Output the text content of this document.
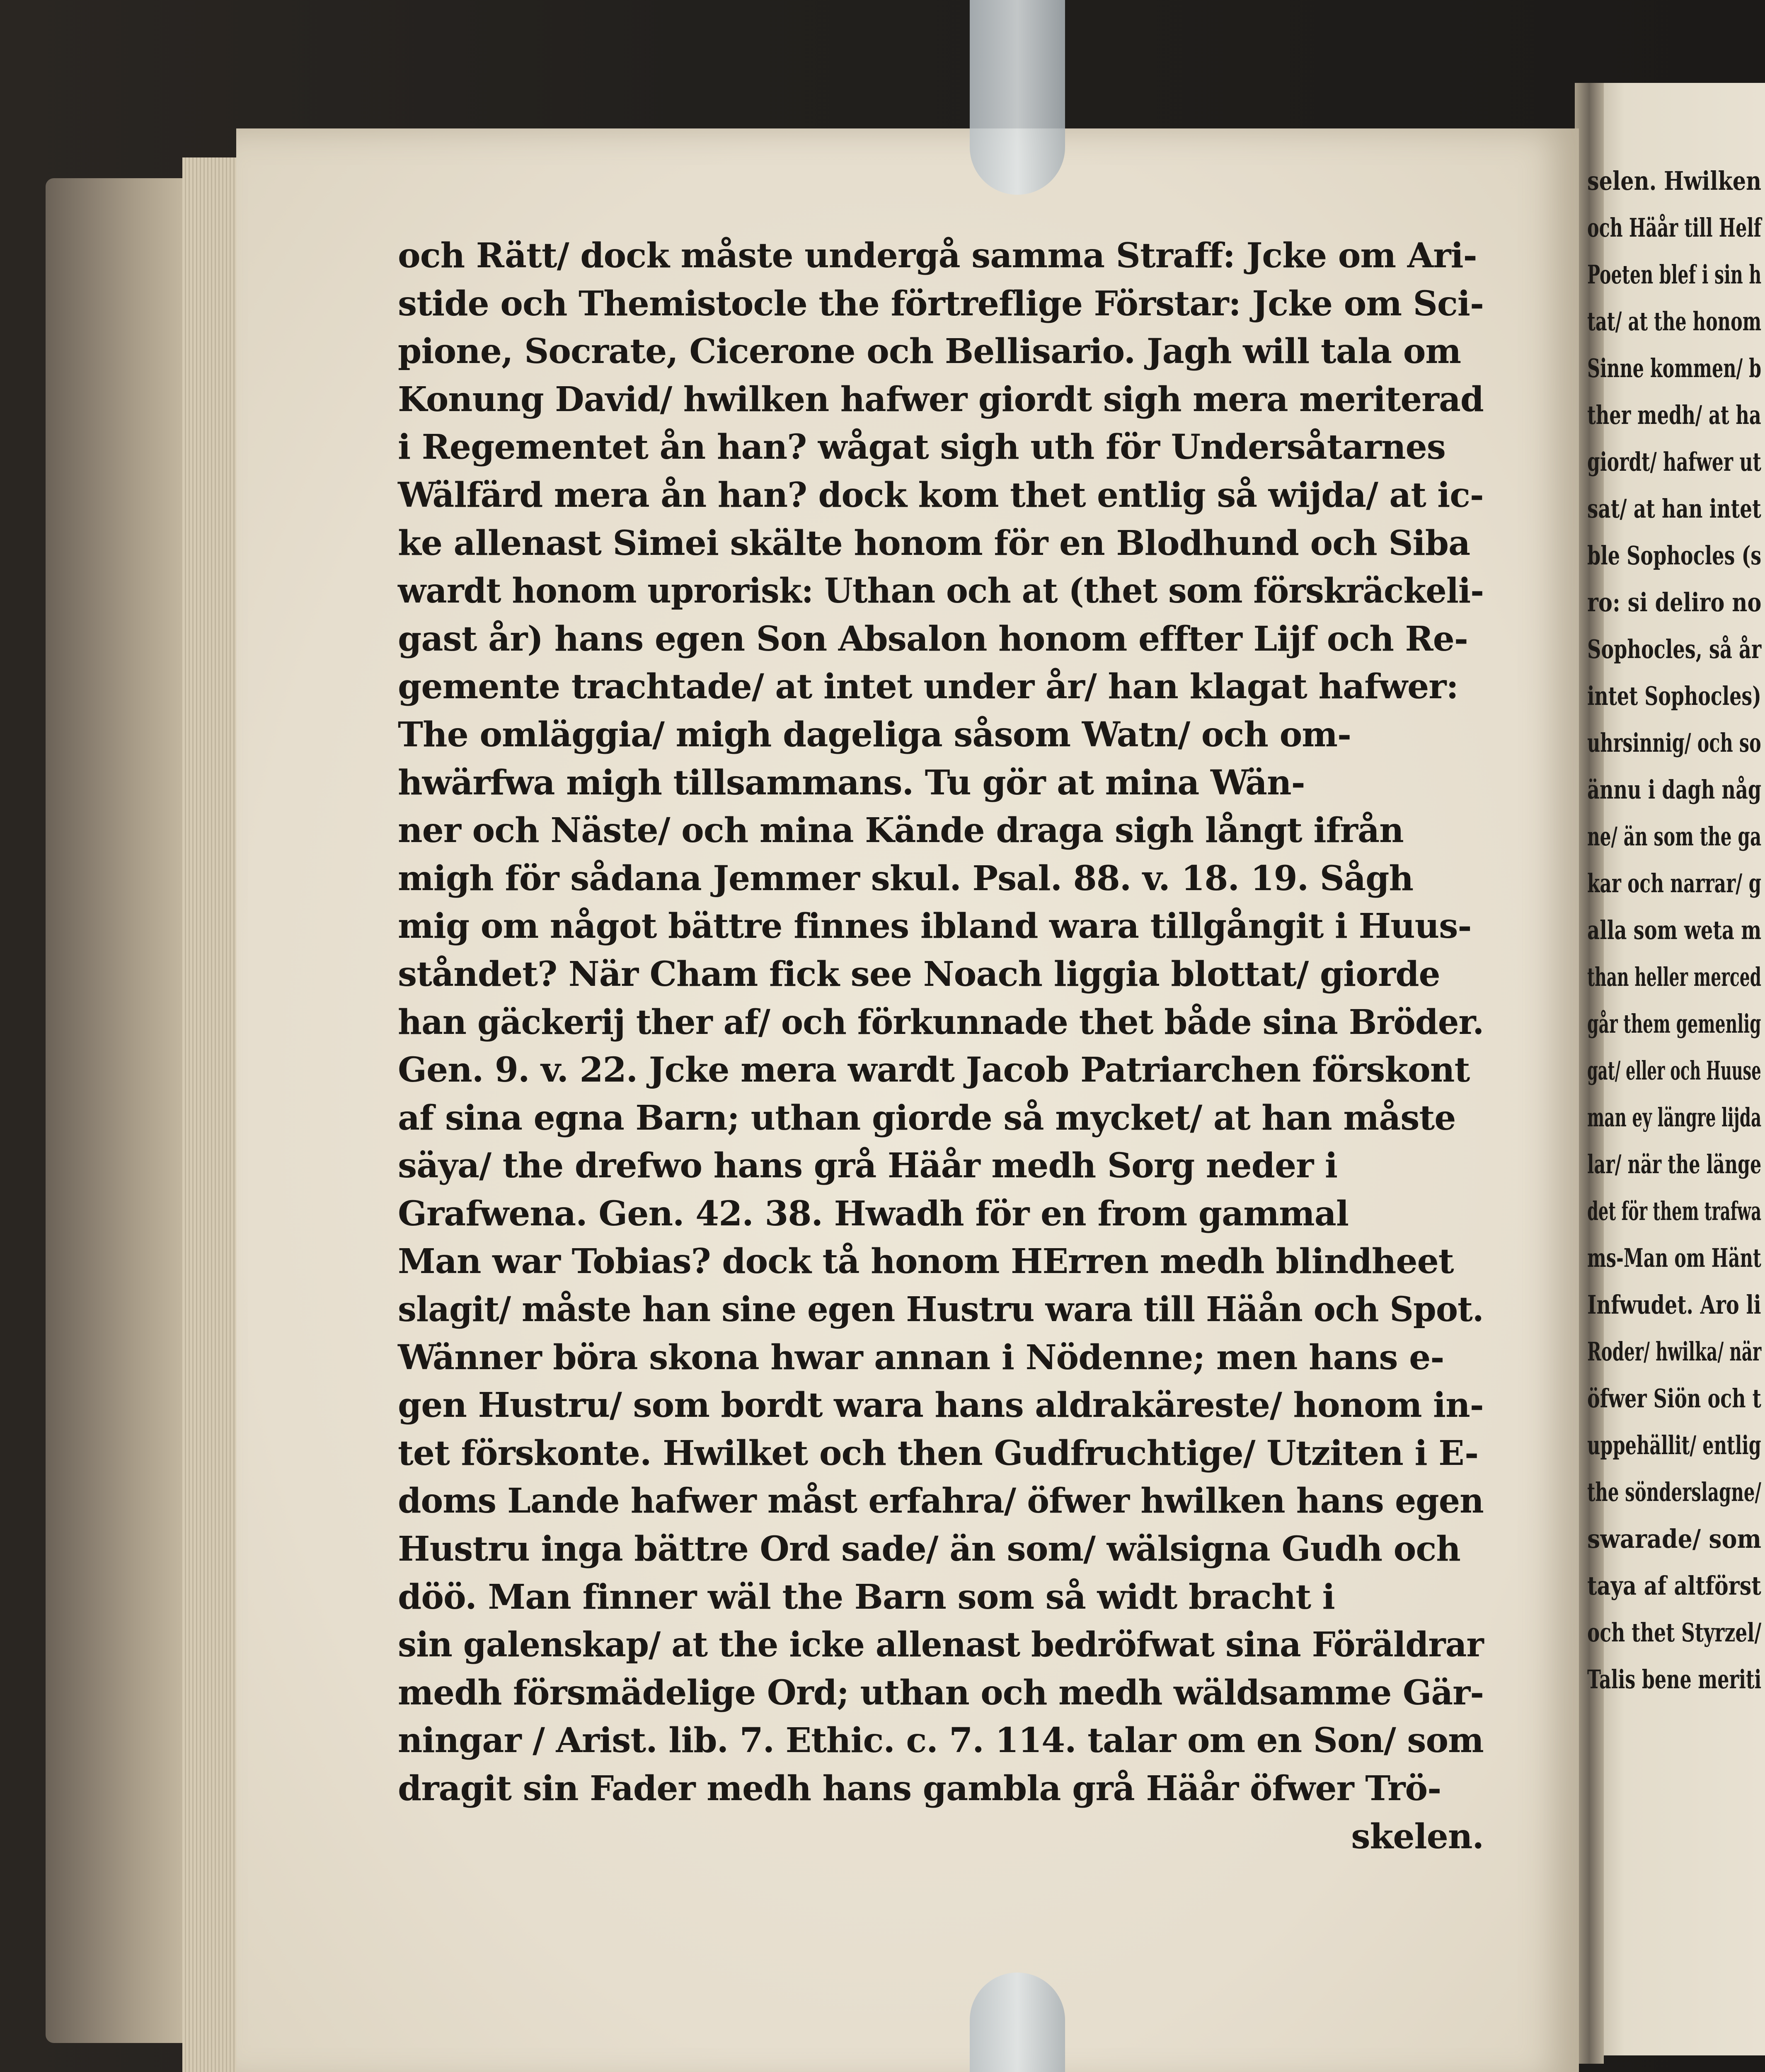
och Rätt/ dock måste undergå samma Straff: Jcke om Ari-
stide och Themistocle the förtreflige Förstar: Jcke om Sci-
pione, Socrate, Cicerone och Bellisario. Jagh will tala om
Konung David/ hwilken hafwer giordt sigh mera meriterad
i Regementet ån han? wågat sigh uth för Undersåtarnes
Wälfärd mera ån han? dock kom thet entlig så wijda/ at ic-
ke allenast Simei skälte honom för en Blodhund och Siba
wardt honom uprorisk: Uthan och at (thet som förskräckeli-
gast år) hans egen Son Absalon honom effter Lijf och Re-
gemente trachtade/ at intet under år/ han klagat hafwer:
The omläggia/ migh dageliga såsom Watn/ och om-
hwärfwa migh tillsammans. Tu gör at mina Wän-
ner och Näste/ och mina Kände draga sigh långt ifrån
migh för sådana Jemmer skul. Psal. 88. v. 18. 19. Sågh
mig om något bättre finnes ibland wara tillgångit i Huus-
ståndet? När Cham fick see Noach liggia blottat/ giorde
han gäckerij ther af/ och förkunnade thet både sina Bröder.
Gen. 9. v. 22. Jcke mera wardt Jacob Patriarchen förskont
af sina egna Barn; uthan giorde så mycket/ at han måste
säya/ the drefwo hans grå Häår medh Sorg neder i
Grafwena. Gen. 42. 38. Hwadh för en from gammal
Man war Tobias? dock tå honom HErren medh blindheet
slagit/ måste han sine egen Hustru wara till Häån och Spot.
Wänner böra skona hwar annan i Nödenne; men hans e-
gen Hustru/ som bordt wara hans aldrakäreste/ honom in-
tet förskonte. Hwilket och then Gudfruchtige/ Utziten i E-
doms Lande hafwer måst erfahra/ öfwer hwilken hans egen
Hustru inga bättre Ord sade/ än som/ wälsigna Gudh och
döö. Man finner wäl the Barn som så widt bracht i
sin galenskap/ at the icke allenast bedröfwat sina Föräldrar
medh försmädelige Ord; uthan och medh wäldsamme Gär-
ningar / Arist. lib. 7. Ethic. c. 7. 114. talar om en Son/ som
dragit sin Fader medh hans gambla grå Häår öfwer Trö-
skelen.
selen. Hwilken
och Häår till Helf
Poeten blef i sin h
tat/ at the honom
Sinne kommen/ b
ther medh/ at ha
giordt/ hafwer ut
sat/ at han intet
ble Sophocles (s
ro: si deliro no
Sophocles, så år
intet Sophocles)
uhrsinnig/ och so
ännu i dagh någ
ne/ än som the ga
kar och narrar/ g
alla som weta m
than heller merced
går them gemenlig
gat/ eller och Huuse
man ey längre lijda
lar/ när the länge
det för them trafwa
ms-Man om Hänt
Infwudet. Aro li
Roder/ hwilka/ när
öfwer Siön och t
uppehällit/ entlig
the sönderslagne/
swarade/ som
taya af altförst
och thet Styrzel/
Talis bene meriti
